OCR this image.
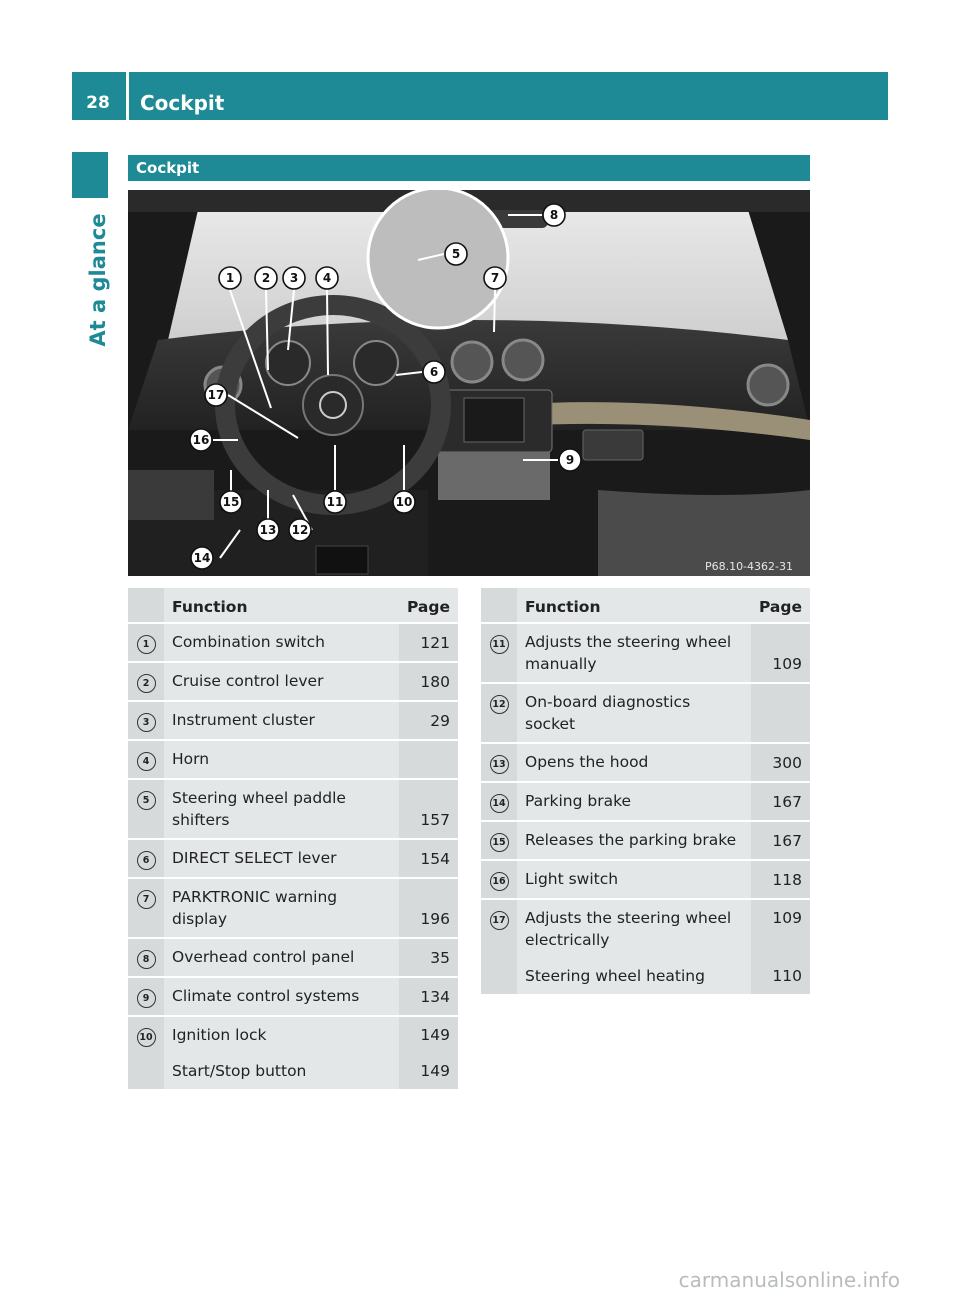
28	Cockpit
At a glance
Cockpit
P68.10-4362-31
1 2 3 4
5
6
7
8
9
10
11
12
13
14
15
16
17
	Function	Page
1	Combination switch	121
2	Cruise control lever	180
3	Instrument cluster	29
4	Horn	
5	Steering wheel paddle shifters	157
6	DIRECT SELECT lever	154
7	PARKTRONIC warning display	196
8	Overhead control panel	35
9	Climate control systems	134
10	Ignition lock	149
	Start/Stop button	149
	Function	Page
11	Adjusts the steering wheel manually	109
12	On-board diagnostics socket	
13	Opens the hood	300
14	Parking brake	167
15	Releases the parking brake	167
16	Light switch	118
17	Adjusts the steering wheel electrically	109
	Steering wheel heating	110
carmanualsonline.info
